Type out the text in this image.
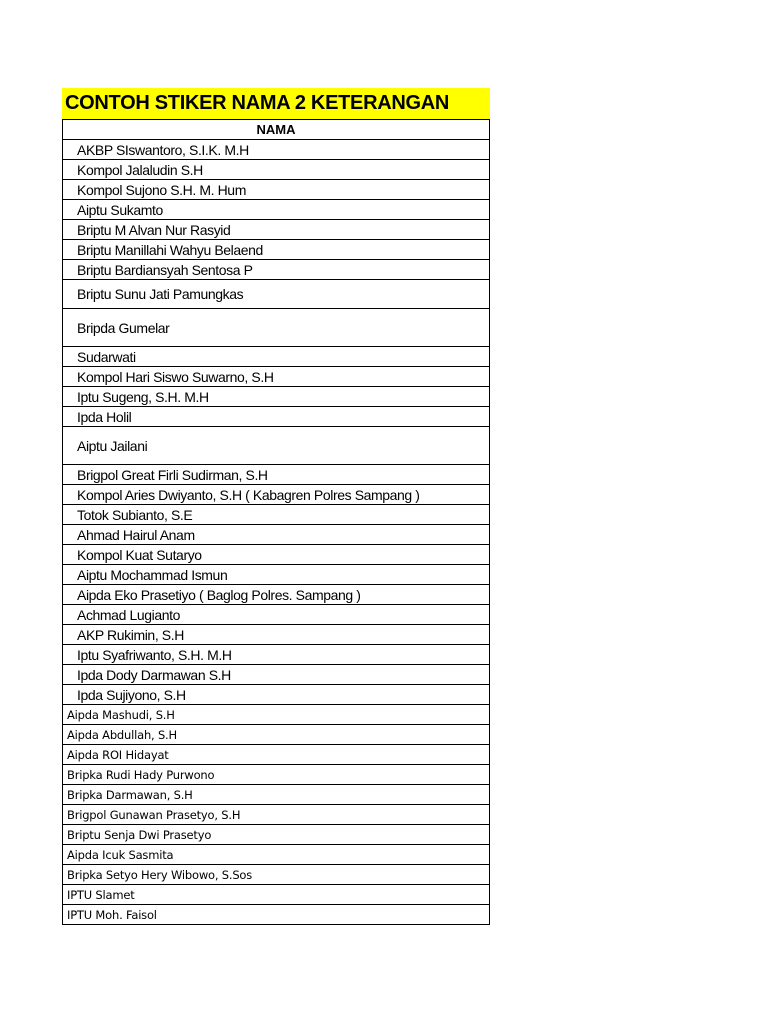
CONTOH STIKER NAMA 2 KETERANGAN
NAMA
AKBP SIswantoro, S.I.K. M.H
Kompol Jalaludin S.H
Kompol Sujono S.H. M. Hum
Aiptu Sukamto
Briptu M Alvan Nur Rasyid
Briptu Manillahi Wahyu Belaend
Briptu Bardiansyah Sentosa P
Briptu Sunu Jati Pamungkas
Bripda Gumelar
Sudarwati
Kompol Hari Siswo Suwarno, S.H
Iptu Sugeng, S.H. M.H
Ipda Holil
Aiptu Jailani
Brigpol Great Firli Sudirman, S.H
Kompol Aries Dwiyanto, S.H ( Kabagren Polres Sampang )
Totok Subianto, S.E
Ahmad Hairul Anam
Kompol Kuat Sutaryo
Aiptu Mochammad Ismun
Aipda Eko Prasetiyo ( Baglog Polres. Sampang )
Achmad Lugianto
AKP Rukimin, S.H
Iptu Syafriwanto, S.H. M.H
Ipda Dody Darmawan S.H
Ipda Sujiyono, S.H
Aipda Mashudi, S.H
Aipda Abdullah, S.H
Aipda ROI Hidayat
Bripka Rudi Hady Purwono
Bripka Darmawan, S.H
Brigpol Gunawan Prasetyo, S.H
Briptu Senja Dwi Prasetyo
Aipda Icuk Sasmita
Bripka Setyo Hery Wibowo, S.Sos
IPTU Slamet
IPTU Moh. Faisol
